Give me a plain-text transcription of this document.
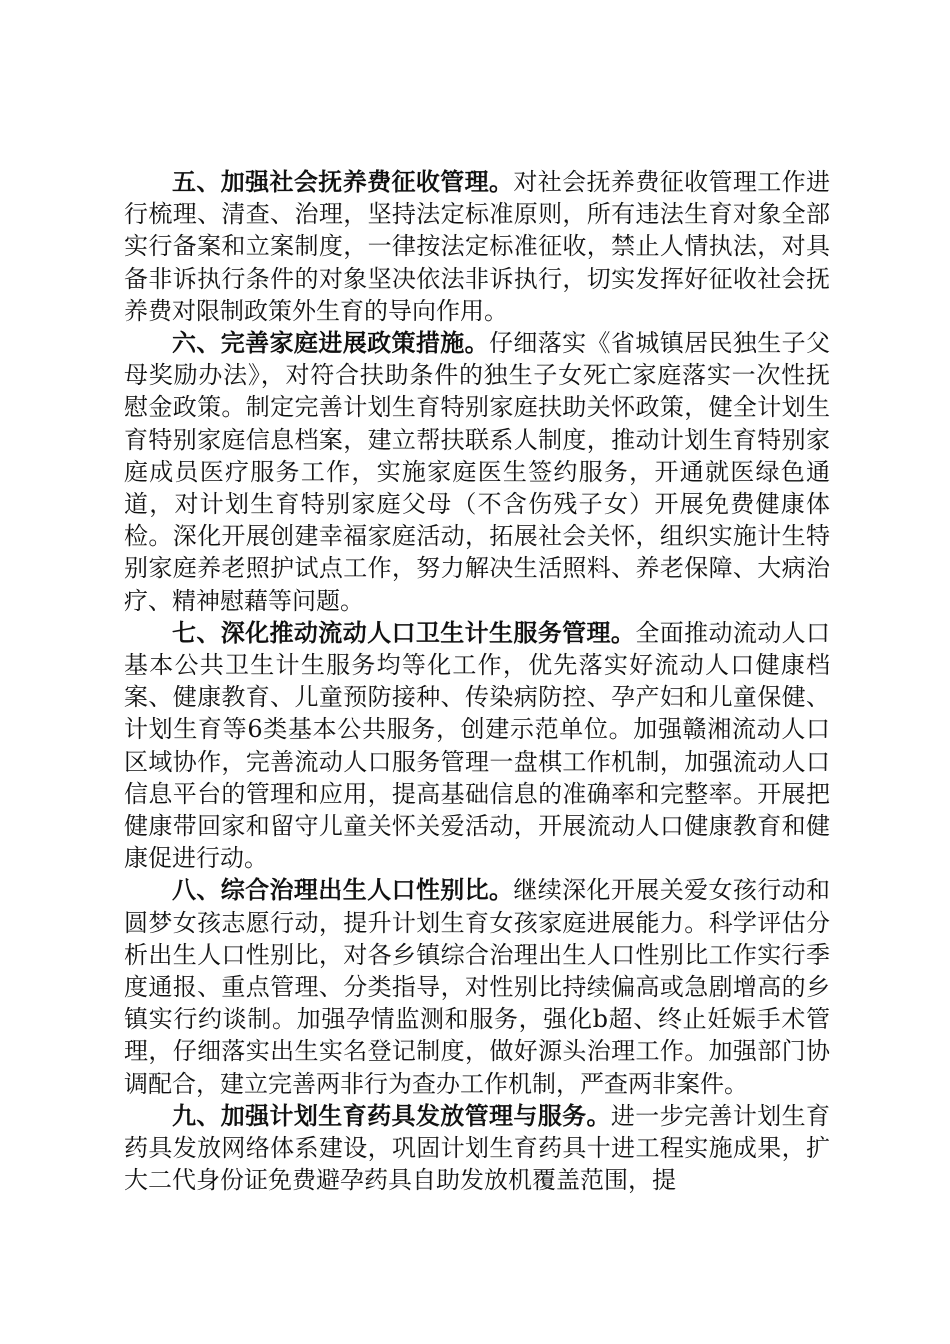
五、加强社会抚养费征收管理。对社会抚养费征收管理工作进行梳理、清查、治理，坚持法定标准原则，所有违法生育对象全部实行备案和立案制度，一律按法定标准征收，禁止人情执法，对具备非诉执行条件的对象坚决依法非诉执行，切实发挥好征收社会抚养费对限制政策外生育的导向作用。

六、完善家庭进展政策措施。仔细落实《省城镇居民独生子父母奖励办法》，对符合扶助条件的独生子女死亡家庭落实一次性抚慰金政策。制定完善计划生育特别家庭扶助关怀政策，健全计划生育特别家庭信息档案，建立帮扶联系人制度，推动计划生育特别家庭成员医疗服务工作，实施家庭医生签约服务，开通就医绿色通道，对计划生育特别家庭父母（不含伤残子女）开展免费健康体检。深化开展创建幸福家庭活动，拓展社会关怀，组织实施计生特别家庭养老照护试点工作，努力解决生活照料、养老保障、大病治疗、精神慰藉等问题。

七、深化推动流动人口卫生计生服务管理。全面推动流动人口基本公共卫生计生服务均等化工作，优先落实好流动人口健康档案、健康教育、儿童预防接种、传染病防控、孕产妇和儿童保健、计划生育等6类基本公共服务，创建示范单位。加强赣湘流动人口区域协作，完善流动人口服务管理一盘棋工作机制，加强流动人口信息平台的管理和应用，提高基础信息的准确率和完整率。开展把健康带回家和留守儿童关怀关爱活动，开展流动人口健康教育和健康促进行动。

八、综合治理出生人口性别比。继续深化开展关爱女孩行动和圆梦女孩志愿行动，提升计划生育女孩家庭进展能力。科学评估分析出生人口性别比，对各乡镇综合治理出生人口性别比工作实行季度通报、重点管理、分类指导，对性别比持续偏高或急剧增高的乡镇实行约谈制。加强孕情监测和服务，强化b超、终止妊娠手术管理，仔细落实出生实名登记制度，做好源头治理工作。加强部门协调配合，建立完善两非行为查办工作机制，严查两非案件。

九、加强计划生育药具发放管理与服务。进一步完善计划生育药具发放网络体系建设，巩固计划生育药具十进工程实施成果，扩大二代身份证免费避孕药具自助发放机覆盖范围，提
